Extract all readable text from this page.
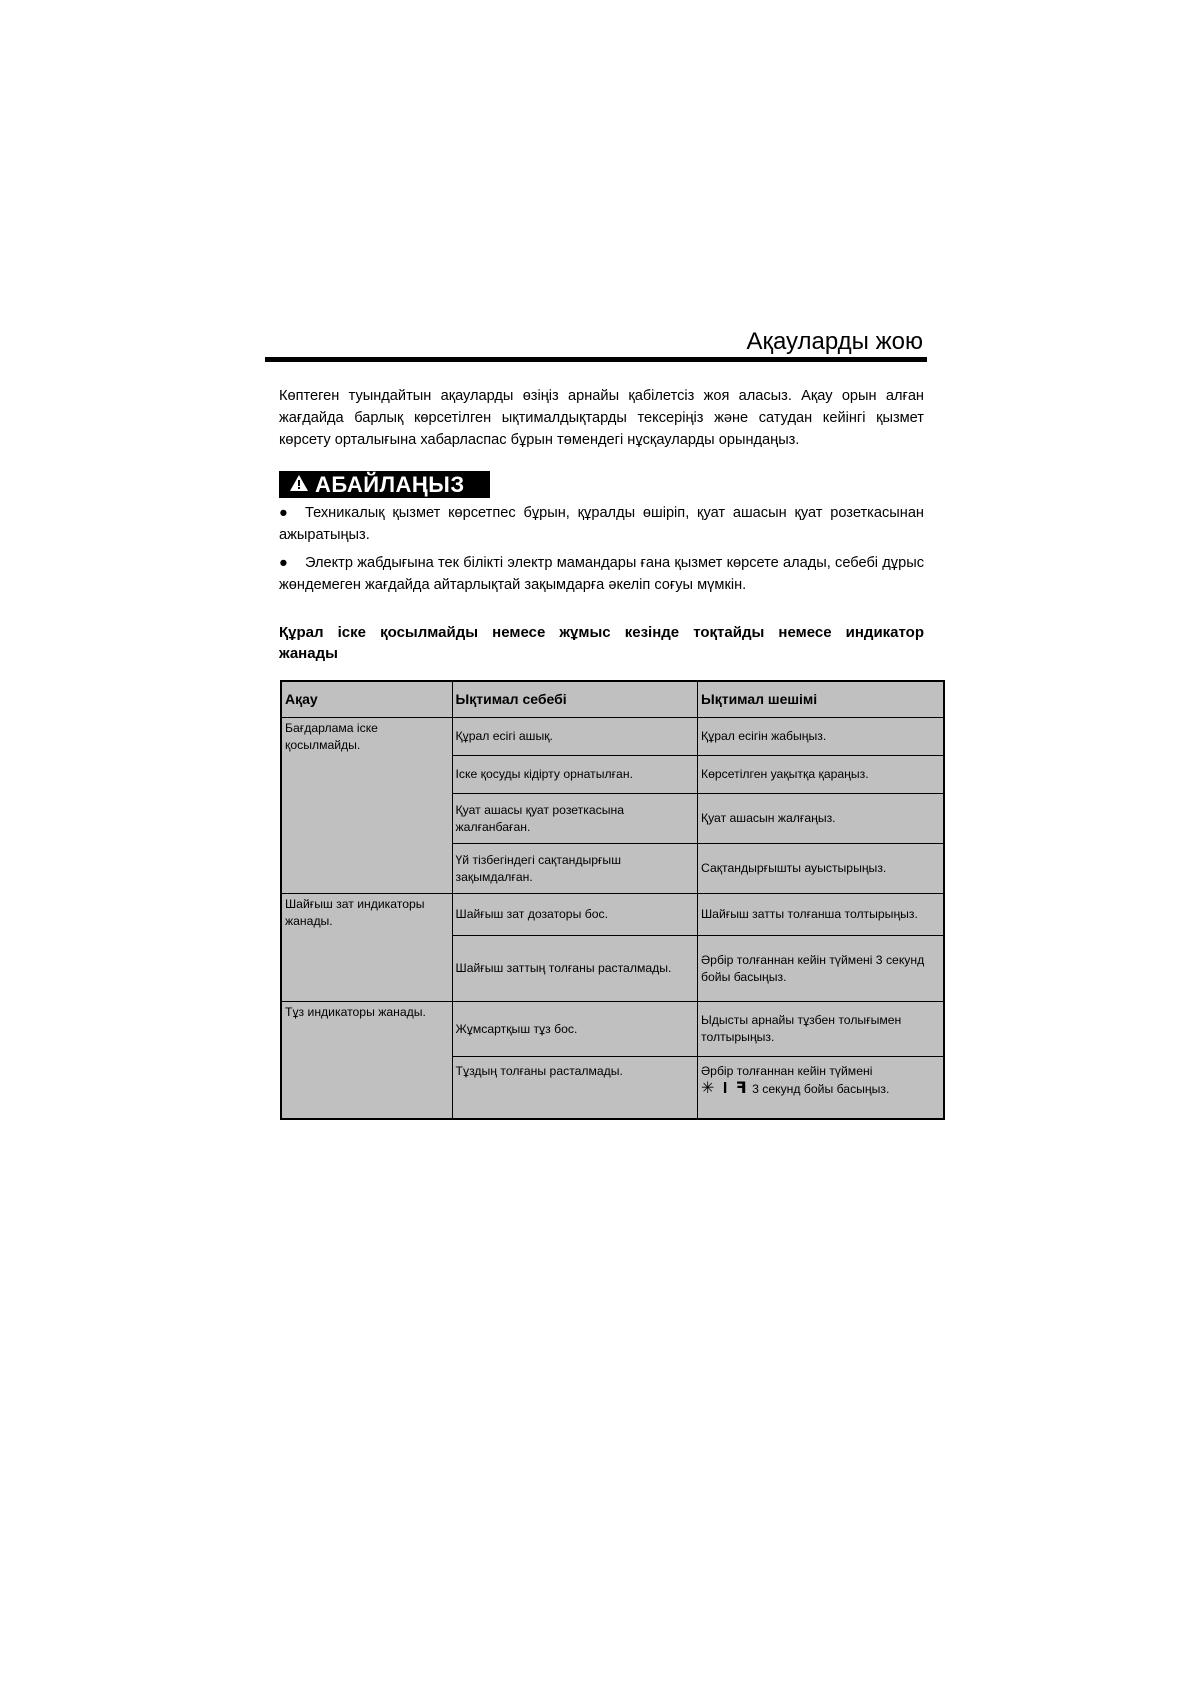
Ақауларды жою
Көптеген туындайтын ақауларды өзіңіз арнайы қабілетсіз жоя аласыз. Ақау орын алған жағдайда барлық көрсетілген ықтималдықтарды тексеріңіз және сатудан кейінгі қызмет көрсету орталығына хабарласпас бұрын төмендегі нұсқауларды орындаңыз.
АБАЙЛАҢЫЗ

● Техникалық қызмет көрсетпес бұрын, құралды өшіріп, қуат ашасын қуат розеткасынан ажыратыңыз.

● Электр жабдығына тек білікті электр мамандары ғана қызмет көрсете алады, себебі дұрыс жөндемеген жағдайда айтарлықтай зақымдарға әкеліп соғуы мүмкін.

Құрал іске қосылмайды немесе жұмыс кезінде тоқтайды немесе индикатор жанады
Ақау	Ықтимал себебі	Ықтимал шешімі
Бағдарлама іске қосылмайды.	Құрал есігі ашық.	Құрал есігін жабыңыз.
	Іске қосуды кідірту орнатылған.	Көрсетілген уақытқа қараңыз.
	Қуат ашасы қуат розеткасына жалғанбаған.	Қуат ашасын жалғаңыз.
	Үй тізбегіндегі сақтандырғыш зақымдалған.	Сақтандырғышты ауыстырыңыз.
Шайғыш зат индикаторы жанады.	Шайғыш зат дозаторы бос.	Шайғыш затты толғанша толтырыңыз.
	Шайғыш заттың толғаны расталмады.	Әрбір толғаннан кейін түймені 3 секунд бойы басыңыз.
Тұз индикаторы жанады.	Жұмсартқыш тұз бос.	Ыдысты арнайы тұзбен толығымен толтырыңыз.
	Тұздың толғаны расталмады.	Әрбір толғаннан кейін түймені
✳ I ꟻ 3 секунд бойы басыңыз.
